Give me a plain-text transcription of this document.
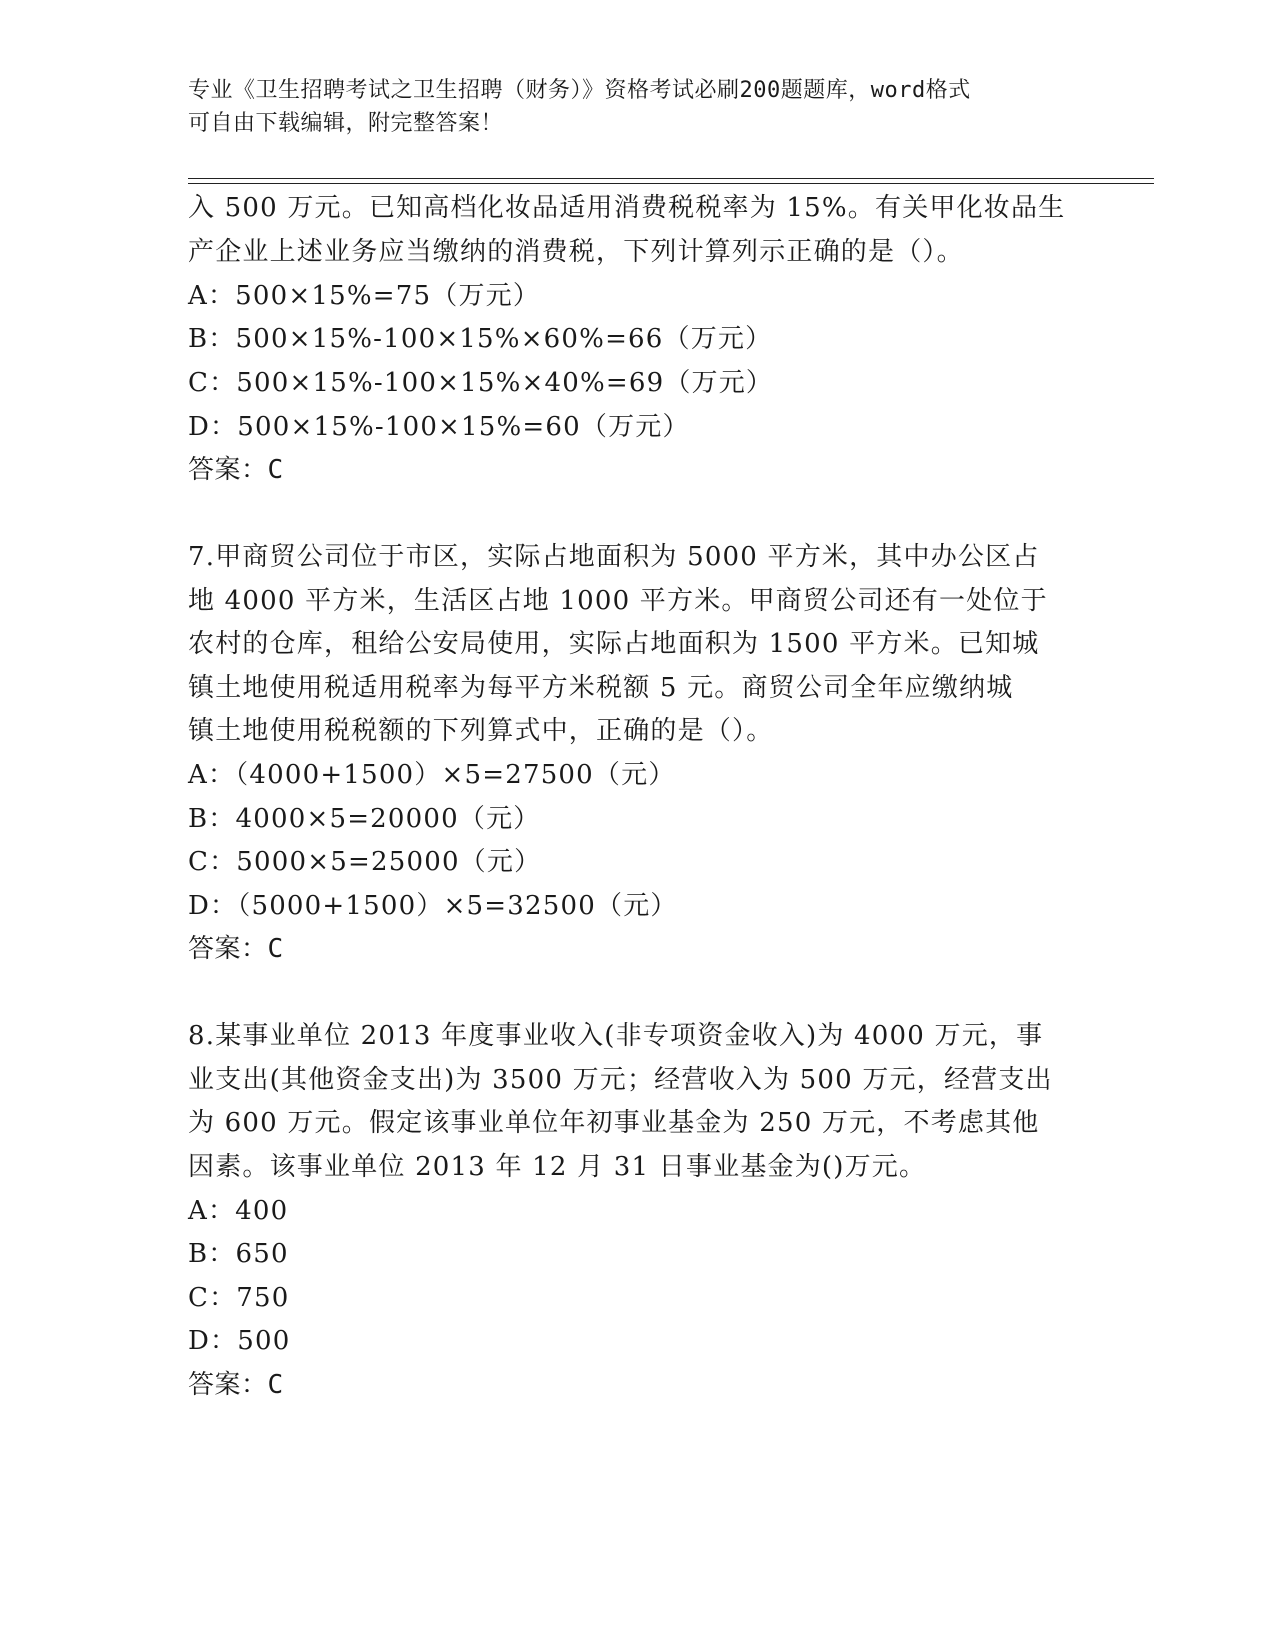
专业《卫生招聘考试之卫生招聘（财务）》资格考试必刷200题题库，word格式
可自由下载编辑，附完整答案！
入 500 万元。已知高档化妆品适用消费税税率为 15%。有关甲化妆品生
产企业上述业务应当缴纳的消费税，下列计算列示正确的是（）。
A：500×15%=75（万元）
B：500×15%-100×15%×60%=66（万元）
C：500×15%-100×15%×40%=69（万元）
D：500×15%-100×15%=60（万元）
答案：C
7.甲商贸公司位于市区，实际占地面积为 5000 平方米，其中办公区占
地 4000 平方米，生活区占地 1000 平方米。甲商贸公司还有一处位于
农村的仓库，租给公安局使用，实际占地面积为 1500 平方米。已知城
镇土地使用税适用税率为每平方米税额 5 元。商贸公司全年应缴纳城
镇土地使用税税额的下列算式中，正确的是（）。
A：（4000+1500）×5=27500（元）
B：4000×5=20000（元）
C：5000×5=25000（元）
D：（5000+1500）×5=32500（元）
答案：C
8.某事业单位 2013 年度事业收入(非专项资金收入)为 4000 万元，事
业支出(其他资金支出)为 3500 万元；经营收入为 500 万元，经营支出
为 600 万元。假定该事业单位年初事业基金为 250 万元，不考虑其他
因素。该事业单位 2013 年 12 月 31 日事业基金为()万元。
A：400
B：650
C：750
D：500
答案：C
